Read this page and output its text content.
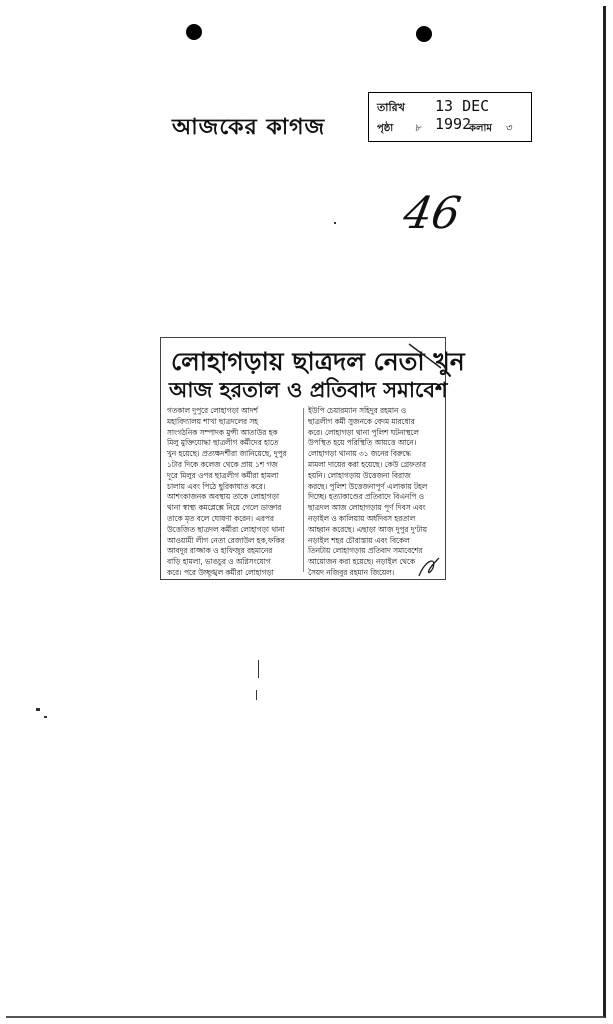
আজকের কাগজ
তারিখ 13 DEC 1992
পৃষ্ঠা ৮	কলাম ৩
46
লোহাগড়ায় ছাত্রদল নেতা খুন
আজ হরতাল ও প্রতিবাদ সমাবেশ
গতকাল দুপুরে লোহাগড়া আদর্শ
মহাবিদ্যালয় শাখা ছাত্রদলের সহ
সাংগঠনিক সম্পাদক মুন্সী আতাউর হক
মিলু মুক্তিযোদ্ধা ছাত্রলীগ কর্মীদের হাতে
খুন হয়েছে। প্রত্যক্ষদর্শীরা জানিয়েছে, দুপুর
১টার দিকে কলেজ থেকে প্রায় ১শ গজ
দূরে মিলুর ওপর ছাত্রলীগ কর্মীরা হামলা
চালায় এবং পিঠে ছুরিকাঘাত করে।
আশংকাজনক অবস্থায় তাকে লোহাগড়া
থানা স্বাস্থ্য কমপ্লেক্সে নিয়ে গেলে ডাক্তার
তাকে মৃত বলে ঘোষণা করেন। এরপর
উত্তেজিত ছাত্রদল কর্মীরা লোহাগড়া থানা
আওয়ামী লীগ নেতা রেজাউল হক,ফকির
আবদুর রাজ্জাক ও হাফিজুর রহমানের
বাড়ি হামলা, ভাঙচুর ও অগ্নিসংযোগ
করে। পরে উচ্ছৃঙ্খল কর্মীরা লোহাগড়া
ইউপি চেয়ারম্যান সহিদুর রহমান ও
ছাত্রলীগ কর্মী সুজনকে বেদম মারধোর
করে। লোহাগড়া থানা পুলিশ ঘটনাস্থলে
উপস্থিত হয়ে পরিস্থিতি আয়ত্তে আনে।
লোহাগড়া থানায় ৩১ জনের বিরুদ্ধে
মামলা দায়ের করা হয়েছে। কেউ গ্রেফতার
হয়নি। লোহাগড়ায় উত্তেজনা বিরাজ
করছে। পুলিশ উত্তেজনাপূর্ণ এলাকায় টহল
দিচ্ছে। হত্যাকাণ্ডের প্রতিবাদে বিএনপি ও
ছাত্রদল আজ লোহাগড়ায় পূর্ণ দিবস এবং
নড়াইল ও কালিয়ায় অর্ধদিবস হরতাল
আহ্বান করেছে। এছাড়া আজ দুপুর দু'টায়
নড়াইল শহর চৌরাস্তায় এবং বিকেল
তিনটায় লোহাগড়ায় প্রতিবাদ সমাবেশের
আয়োজন করা হয়েছে। নড়াইল থেকে
সৈয়দ নজিবুর রহমান জিয়েল।
